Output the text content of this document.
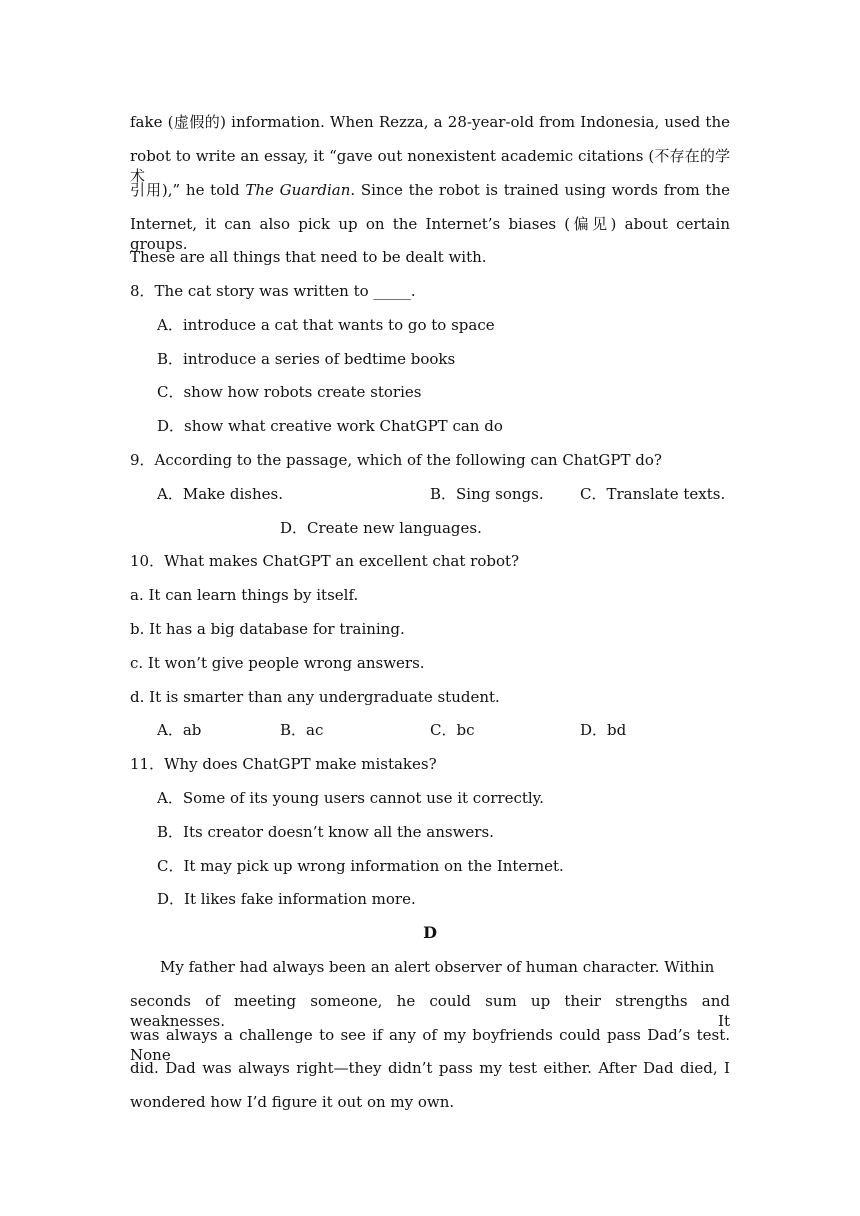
fake (虚假的) information. When Rezza, a 28-year-old from Indonesia, used the
robot to write an essay, it “gave out nonexistent academic citations (不存在的学术
引用),” he told The Guardian. Since the robot is trained using words from the
Internet, it can also pick up on the Internet’s biases (偏见) about certain groups.
These are all things that need to be dealt with.
8．The cat story was written to _____.
A．introduce a cat that wants to go to space
B．introduce a series of bedtime books
C．show how robots create stories
D．show what creative work ChatGPT can do
9．According to the passage, which of the following can ChatGPT do?
A．Make dishes.	B．Sing songs. C．Translate texts.
D．Create new languages.
10．What makes ChatGPT an excellent chat robot?
a. It can learn things by itself.
b. It has a big database for training.
c. It won’t give people wrong answers.
d. It is smarter than any undergraduate student.
A．ab	B．ac	C．bc	D．bd
11．Why does ChatGPT make mistakes?
A．Some of its young users cannot use it correctly.
B．Its creator doesn’t know all the answers.
C．It may pick up wrong information on the Internet.
D．It likes fake information more.
D
My father had always been an alert observer of human character. Within
seconds of meeting someone, he could sum up their strengths and weaknesses. It
was always a challenge to see if any of my boyfriends could pass Dad’s test. None
did. Dad was always right—they didn’t pass my test either. After Dad died, I
wondered how I’d figure it out on my own.
